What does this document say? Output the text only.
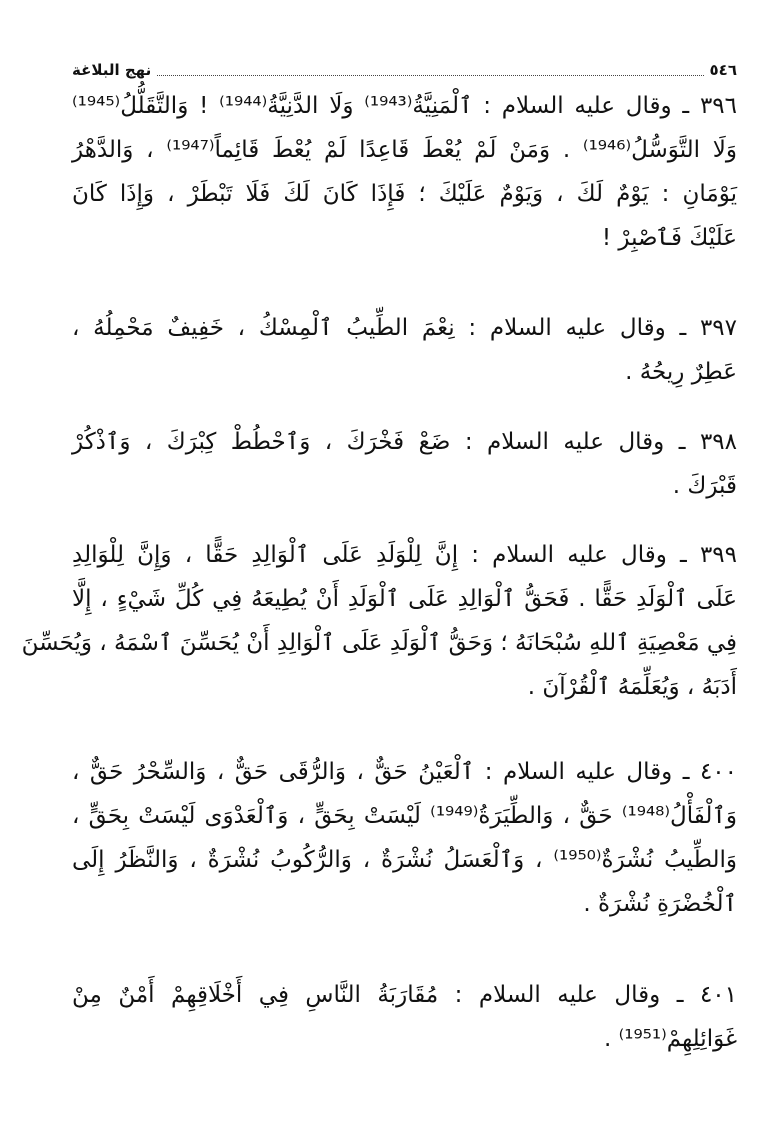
٥٤٦
نهج البلاغة
٣٩٦ ـ وقال عليه السلام : ٱلْمَنِيَّةُ⁽¹⁹⁴³⁾ وَلَا الدَّنِيَّةُ⁽¹⁹⁴⁴⁾ ! وَالتَّقَلُّلُ⁽¹⁹⁴⁵⁾
وَلَا التَّوَسُّلُ⁽¹⁹⁴⁶⁾ . وَمَنْ لَمْ يُعْطَ قَاعِدًا لَمْ يُعْطَ قَائِماً⁽¹⁹⁴⁷⁾ ، وَالدَّهْرُ
يَوْمَانِ : يَوْمٌ لَكَ ، وَيَوْمٌ عَلَيْكَ ؛ فَإِذَا كَانَ لَكَ فَلَا تَبْطَرْ ، وَإِذَا كَانَ
عَلَيْكَ فَٱصْبِرْ !
٣٩٧ ـ وقال عليه السلام : نِعْمَ الطِّيبُ ٱلْمِسْكُ ، خَفِيفٌ مَحْمِلُهُ ،
عَطِرٌ رِيحُهُ .
٣٩٨ ـ وقال عليه السلام : ضَعْ فَخْرَكَ ، وَٱحْطُطْ كِبْرَكَ ، وَٱذْكُرْ
قَبْرَكَ .
٣٩٩ ـ وقال عليه السلام : إِنَّ لِلْوَلَدِ عَلَى ٱلْوَالِدِ حَقًّا ، وَإِنَّ لِلْوَالِدِ
عَلَى ٱلْوَلَدِ حَقًّا . فَحَقُّ ٱلْوَالِدِ عَلَى ٱلْوَلَدِ أَنْ يُطِيعَهُ فِي كُلِّ شَيْءٍ ، إِلَّا
فِي مَعْصِيَةِ ٱللهِ سُبْحَانَهُ ؛ وَحَقُّ ٱلْوَلَدِ عَلَى ٱلْوَالِدِ أَنْ يُحَسِّنَ ٱسْمَهُ ، وَيُحَسِّنَ
أَدَبَهُ ، وَيُعَلِّمَهُ ٱلْقُرْآنَ .
٤٠٠ ـ وقال عليه السلام : ٱلْعَيْنُ حَقٌّ ، وَالرُّقَى حَقٌّ ، وَالسِّحْرُ حَقٌّ ،
وَٱلْفَأْلُ⁽¹⁹⁴⁸⁾ حَقٌّ ، وَالطِّيَرَةُ⁽¹⁹⁴⁹⁾ لَيْسَتْ بِحَقٍّ ، وَٱلْعَدْوَى لَيْسَتْ بِحَقٍّ ،
وَالطِّيبُ نُشْرَةٌ⁽¹⁹⁵⁰⁾ ، وَٱلْعَسَلُ نُشْرَةٌ ، وَالرُّكُوبُ نُشْرَةٌ ، وَالنَّظَرُ إِلَى
ٱلْخُضْرَةِ نُشْرَةٌ .
٤٠١ ـ وقال عليه السلام : مُقَارَبَةُ النَّاسِ فِي أَخْلَاقِهِمْ أَمْنٌ مِنْ
غَوَائِلِهِمْ⁽¹⁹⁵¹⁾ .
